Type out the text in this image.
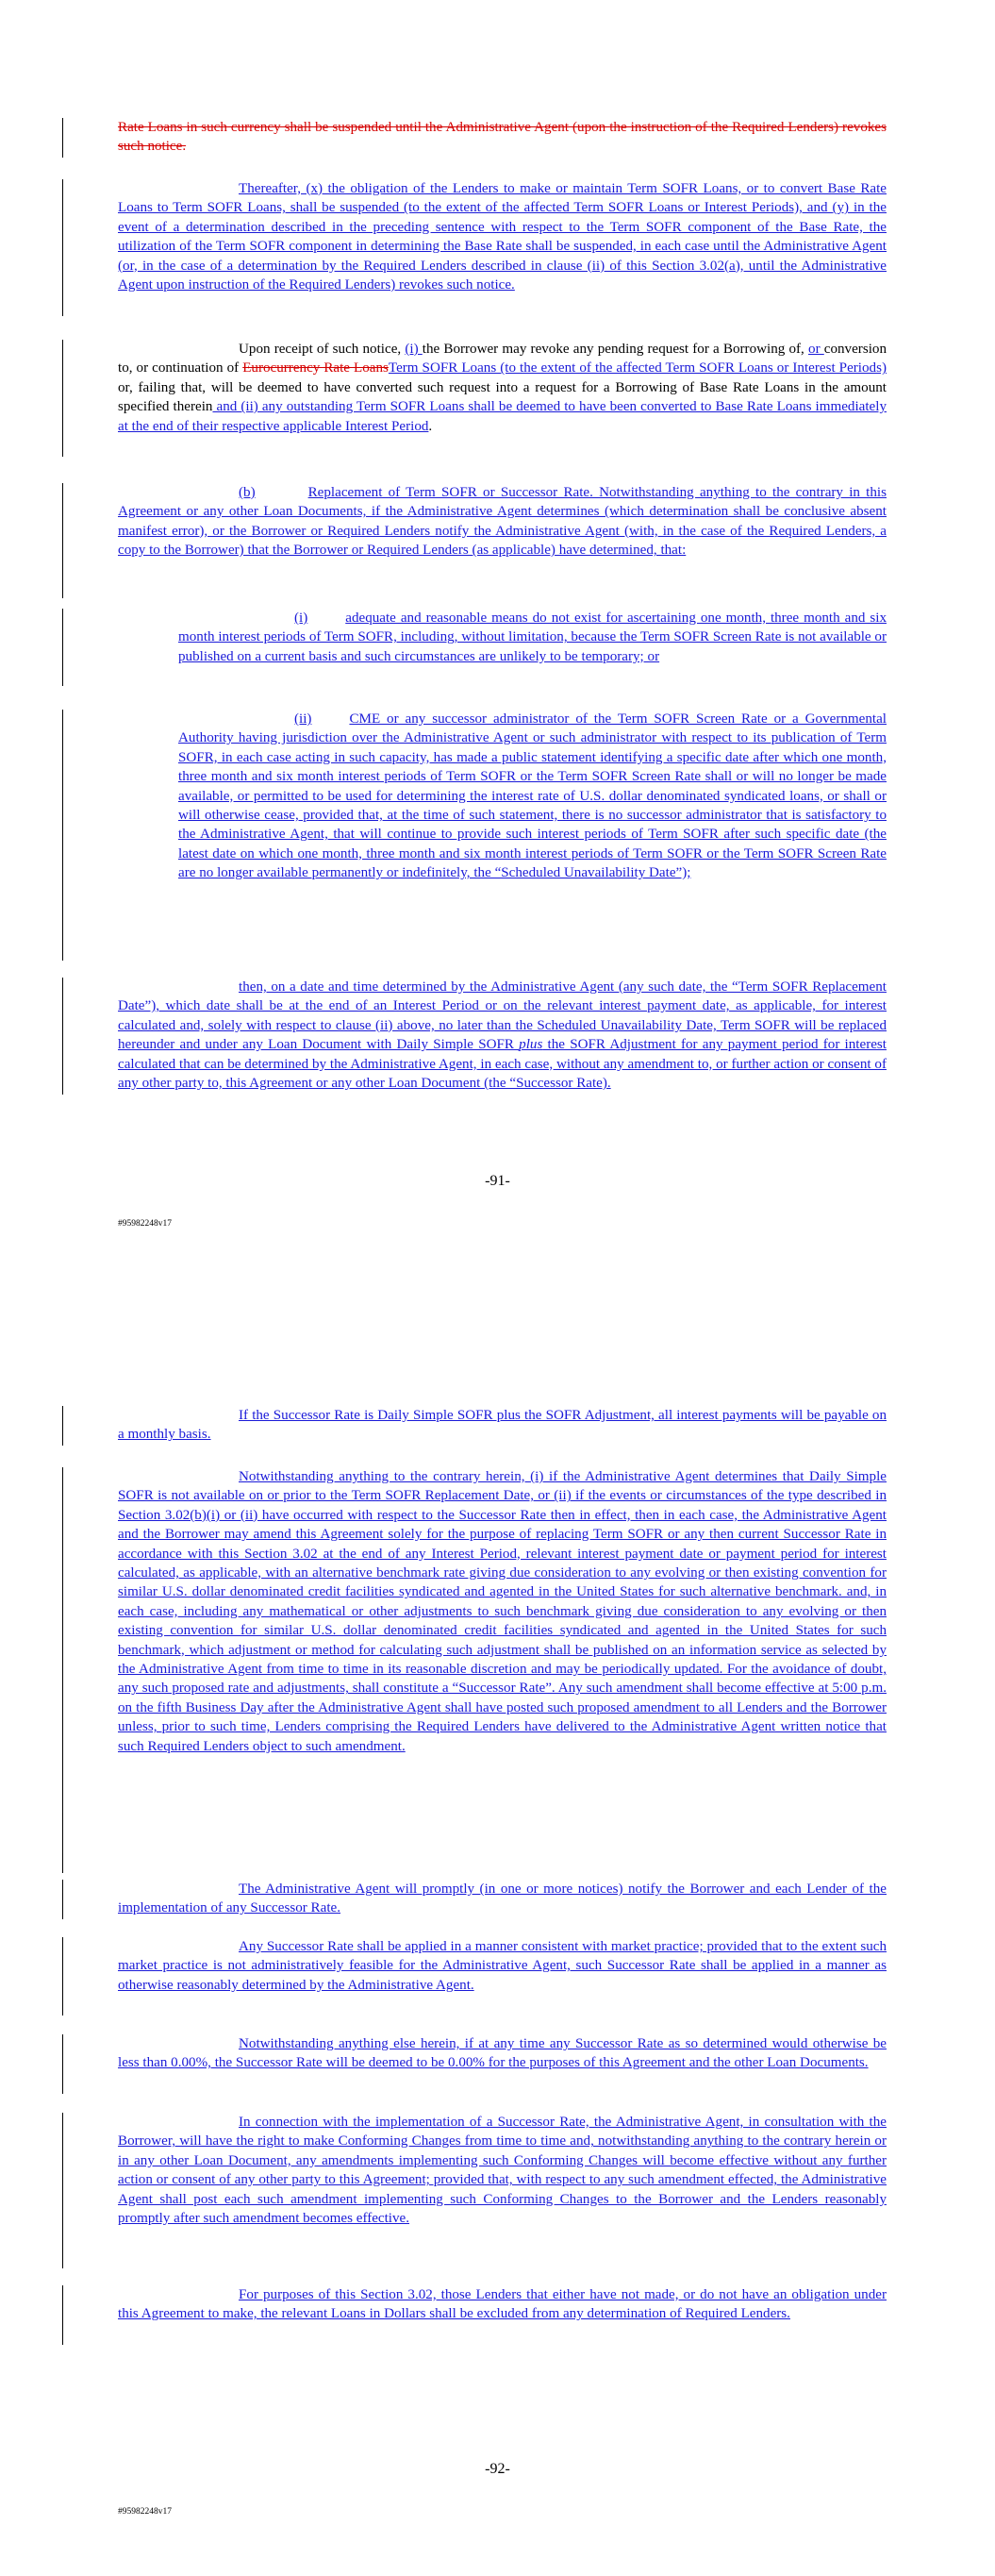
Rate Loans in such currency shall be suspended until the Administrative Agent (upon the instruction of the Required Lenders) revokes such notice.

Thereafter, (x) the obligation of the Lenders to make or maintain Term SOFR Loans, or to convert Base Rate Loans to Term SOFR Loans, shall be suspended (to the extent of the affected Term SOFR Loans or Interest Periods), and (y) in the event of a determination described in the preceding sentence with respect to the Term SOFR component of the Base Rate, the utilization of the Term SOFR component in determining the Base Rate shall be suspended, in each case until the Administrative Agent (or, in the case of a determination by the Required Lenders described in clause (ii) of this Section 3.02(a), until the Administrative Agent upon instruction of the Required Lenders) revokes such notice.

Upon receipt of such notice, (i) the Borrower may revoke any pending request for a Borrowing of, or conversion to, or continuation of Eurocurrency Rate LoansTerm SOFR Loans (to the extent of the affected Term SOFR Loans or Interest Periods) or, failing that, will be deemed to have converted such request into a request for a Borrowing of Base Rate Loans in the amount specified therein and (ii) any outstanding Term SOFR Loans shall be deemed to have been converted to Base Rate Loans immediately at the end of their respective applicable Interest Period.

(b)	Replacement of Term SOFR or Successor Rate. Notwithstanding anything to the contrary in this Agreement or any other Loan Documents, if the Administrative Agent determines (which determination shall be conclusive absent manifest error), or the Borrower or Required Lenders notify the Administrative Agent (with, in the case of the Required Lenders, a copy to the Borrower) that the Borrower or Required Lenders (as applicable) have determined, that:

(i)	adequate and reasonable means do not exist for ascertaining one month, three month and six month interest periods of Term SOFR, including, without limitation, because the Term SOFR Screen Rate is not available or published on a current basis and such circumstances are unlikely to be temporary; or

(ii)	CME or any successor administrator of the Term SOFR Screen Rate or a Governmental Authority having jurisdiction over the Administrative Agent or such administrator with respect to its publication of Term SOFR, in each case acting in such capacity, has made a public statement identifying a specific date after which one month, three month and six month interest periods of Term SOFR or the Term SOFR Screen Rate shall or will no longer be made available, or permitted to be used for determining the interest rate of U.S. dollar denominated syndicated loans, or shall or will otherwise cease, provided that, at the time of such statement, there is no successor administrator that is satisfactory to the Administrative Agent, that will continue to provide such interest periods of Term SOFR after such specific date (the latest date on which one month, three month and six month interest periods of Term SOFR or the Term SOFR Screen Rate are no longer available permanently or indefinitely, the “Scheduled Unavailability Date”);

then, on a date and time determined by the Administrative Agent (any such date, the “Term SOFR Replacement Date”), which date shall be at the end of an Interest Period or on the relevant interest payment date, as applicable, for interest calculated and, solely with respect to clause (ii) above, no later than the Scheduled Unavailability Date, Term SOFR will be replaced hereunder and under any Loan Document with Daily Simple SOFR plus the SOFR Adjustment for any payment period for interest calculated that can be determined by the Administrative Agent, in each case, without any amendment to, or further action or consent of any other party to, this Agreement or any other Loan Document (the “Successor Rate).

-91-
#95982248v17

If the Successor Rate is Daily Simple SOFR plus the SOFR Adjustment, all interest payments will be payable on a monthly basis.

Notwithstanding anything to the contrary herein, (i) if the Administrative Agent determines that Daily Simple SOFR is not available on or prior to the Term SOFR Replacement Date, or (ii) if the events or circumstances of the type described in Section 3.02(b)(i) or (ii) have occurred with respect to the Successor Rate then in effect, then in each case, the Administrative Agent and the Borrower may amend this Agreement solely for the purpose of replacing Term SOFR or any then current Successor Rate in accordance with this Section 3.02 at the end of any Interest Period, relevant interest payment date or payment period for interest calculated, as applicable, with an alternative benchmark rate giving due consideration to any evolving or then existing convention for similar U.S. dollar denominated credit facilities syndicated and agented in the United States for such alternative benchmark. and, in each case, including any mathematical or other adjustments to such benchmark giving due consideration to any evolving or then existing convention for similar U.S. dollar denominated credit facilities syndicated and agented in the United States for such benchmark, which adjustment or method for calculating such adjustment shall be published on an information service as selected by the Administrative Agent from time to time in its reasonable discretion and may be periodically updated. For the avoidance of doubt, any such proposed rate and adjustments, shall constitute a “Successor Rate”. Any such amendment shall become effective at 5:00 p.m. on the fifth Business Day after the Administrative Agent shall have posted such proposed amendment to all Lenders and the Borrower unless, prior to such time, Lenders comprising the Required Lenders have delivered to the Administrative Agent written notice that such Required Lenders object to such amendment.

The Administrative Agent will promptly (in one or more notices) notify the Borrower and each Lender of the implementation of any Successor Rate.

Any Successor Rate shall be applied in a manner consistent with market practice; provided that to the extent such market practice is not administratively feasible for the Administrative Agent, such Successor Rate shall be applied in a manner as otherwise reasonably determined by the Administrative Agent.

Notwithstanding anything else herein, if at any time any Successor Rate as so determined would otherwise be less than 0.00%, the Successor Rate will be deemed to be 0.00% for the purposes of this Agreement and the other Loan Documents.

In connection with the implementation of a Successor Rate, the Administrative Agent, in consultation with the Borrower, will have the right to make Conforming Changes from time to time and, notwithstanding anything to the contrary herein or in any other Loan Document, any amendments implementing such Conforming Changes will become effective without any further action or consent of any other party to this Agreement; provided that, with respect to any such amendment effected, the Administrative Agent shall post each such amendment implementing such Conforming Changes to the Borrower and the Lenders reasonably promptly after such amendment becomes effective.

For purposes of this Section 3.02, those Lenders that either have not made, or do not have an obligation under this Agreement to make, the relevant Loans in Dollars shall be excluded from any determination of Required Lenders.

-92-
#95982248v17
